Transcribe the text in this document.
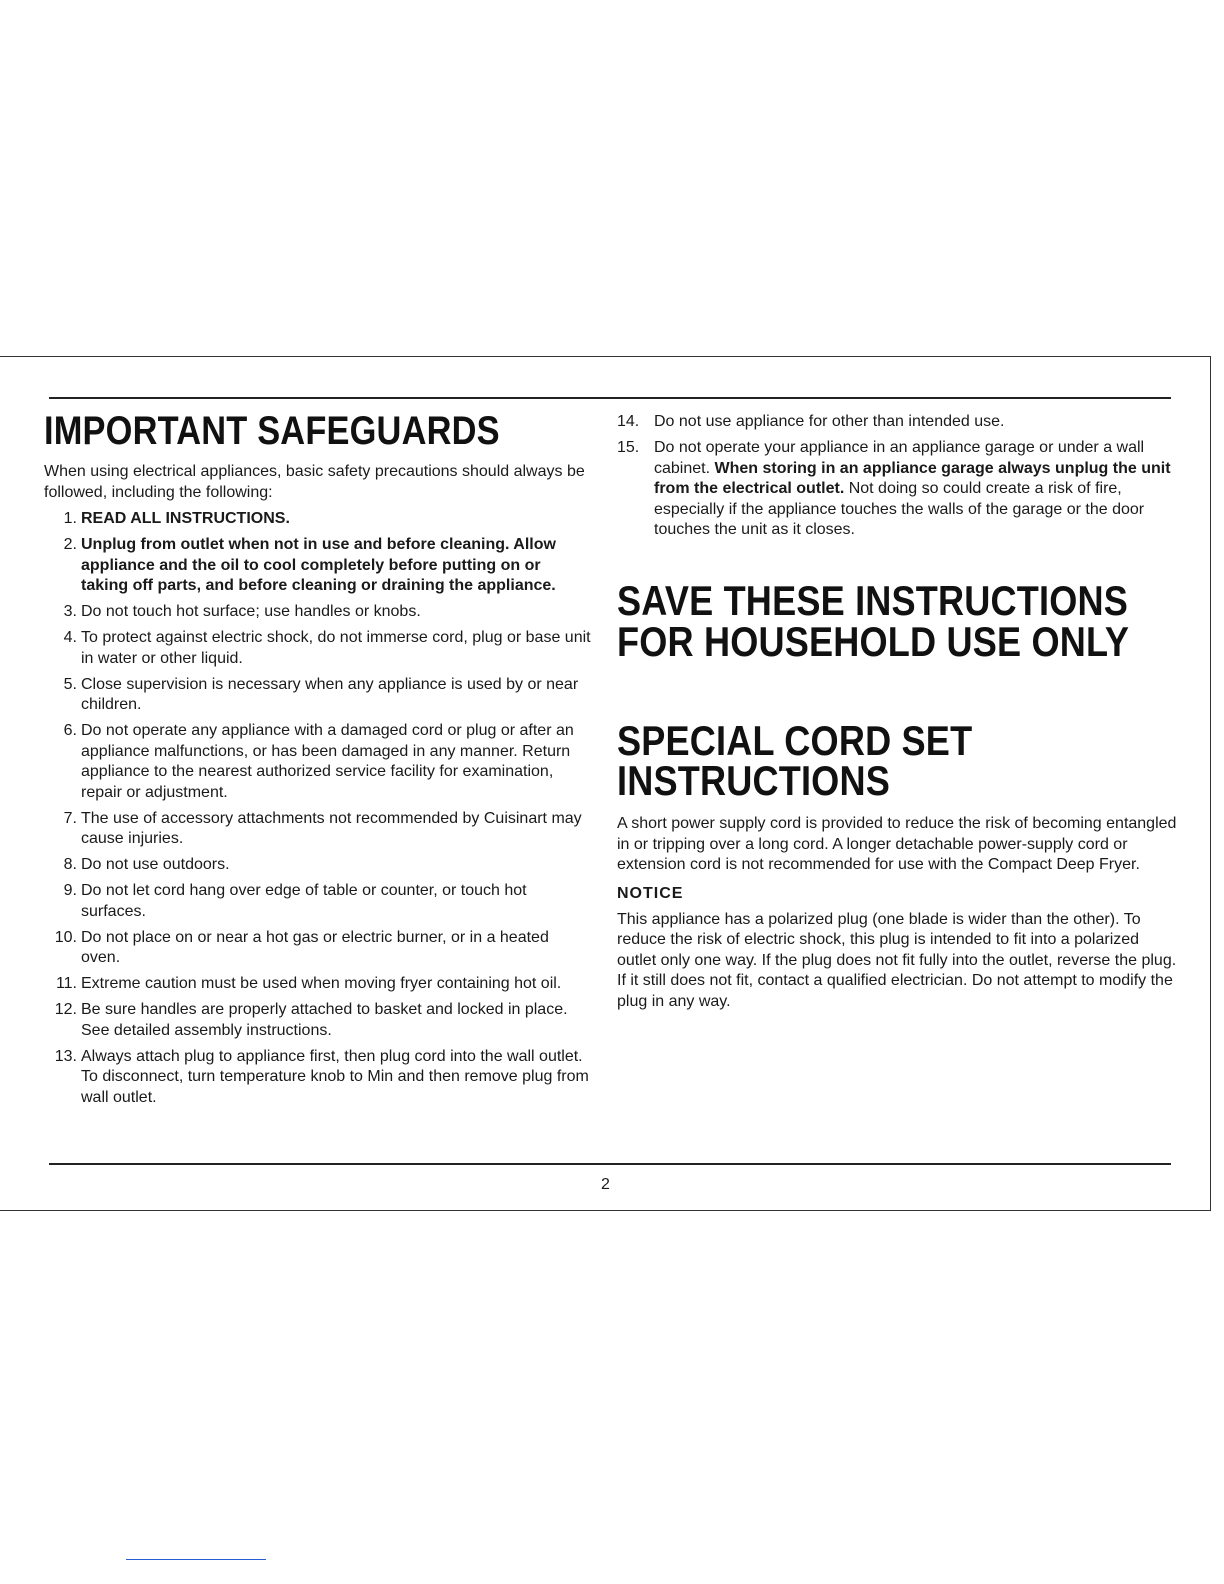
IMPORTANT SAFEGUARDS

When using electrical appliances, basic safety precautions should always be followed, including the following:

1. READ ALL INSTRUCTIONS.
2. Unplug from outlet when not in use and before cleaning. Allow appliance and the oil to cool completely before putting on or taking off parts, and before cleaning or draining the appliance.
3. Do not touch hot surface; use handles or knobs.
4. To protect against electric shock, do not immerse cord, plug or base unit in water or other liquid.
5. Close supervision is necessary when any appliance is used by or near children.
6. Do not operate any appliance with a damaged cord or plug or after an appliance malfunctions, or has been damaged in any manner. Return appliance to the nearest authorized service facility for examination, repair or adjustment.
7. The use of accessory attachments not recommended by Cuisinart may cause injuries.
8. Do not use outdoors.
9. Do not let cord hang over edge of table or counter, or touch hot surfaces.
10. Do not place on or near a hot gas or electric burner, or in a heated oven.
11. Extreme caution must be used when moving fryer containing hot oil.
12. Be sure handles are properly attached to basket and locked in place. See detailed assembly instructions.
13. Always attach plug to appliance first, then plug cord into the wall outlet. To disconnect, turn temperature knob to Min and then remove plug from wall outlet.
14. Do not use appliance for other than intended use.
15. Do not operate your appliance in an appliance garage or under a wall cabinet. When storing in an appliance garage always unplug the unit from the electrical outlet. Not doing so could create a risk of fire, especially if the appliance touches the walls of the garage or the door touches the unit as it closes.
SAVE THESE INSTRUCTIONS
FOR HOUSEHOLD USE ONLY
SPECIAL CORD SET
INSTRUCTIONS

A short power supply cord is provided to reduce the risk of becoming entangled in or tripping over a long cord. A longer detachable power-supply cord or extension cord is not recommended for use with the Compact Deep Fryer.

NOTICE

This appliance has a polarized plug (one blade is wider than the other). To reduce the risk of electric shock, this plug is intended to fit into a polarized outlet only one way. If the plug does not fit fully into the outlet, reverse the plug. If it still does not fit, contact a qualified electrician. Do not attempt to modify the plug in any way.

2
